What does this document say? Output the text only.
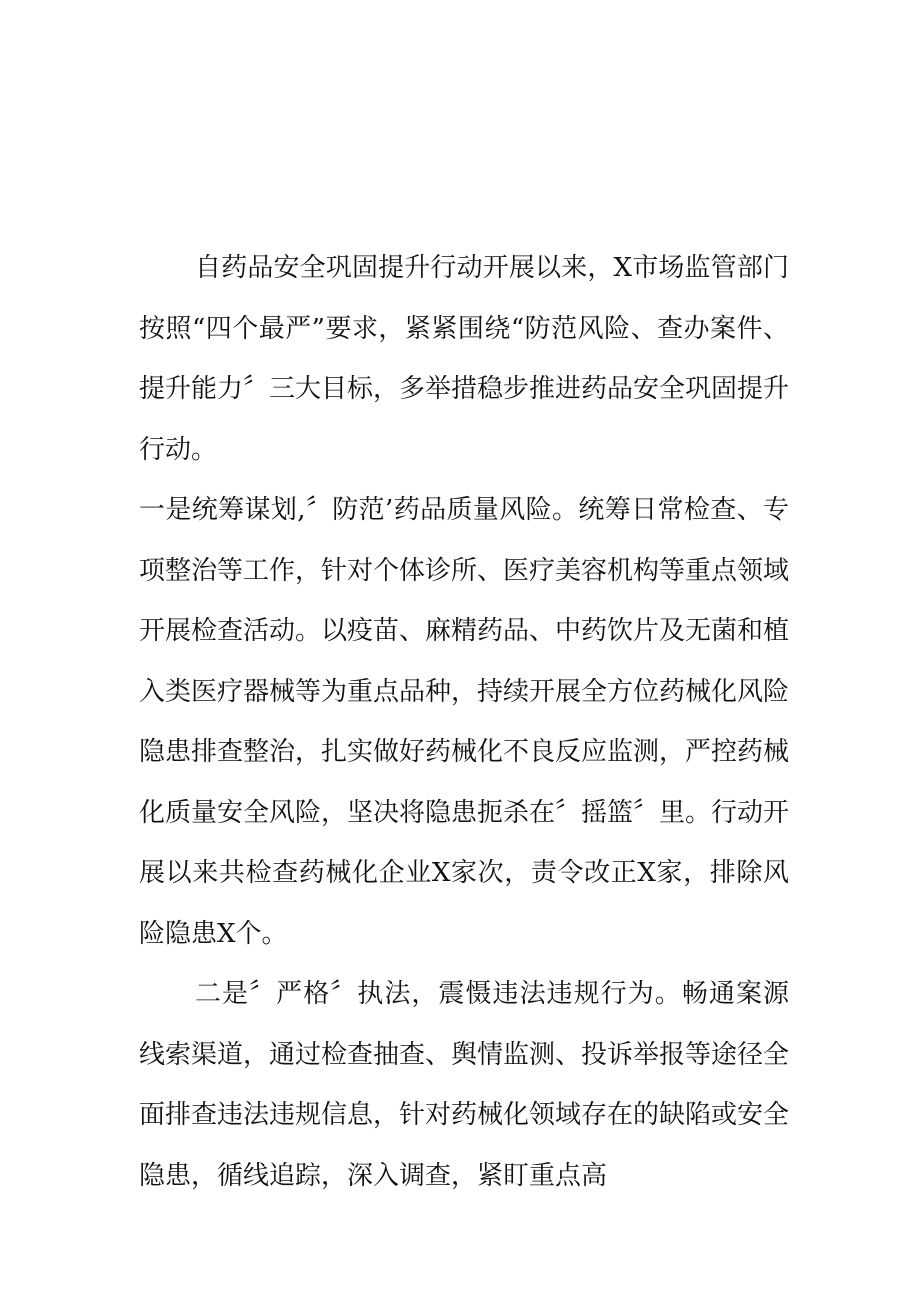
自药品安全巩固提升行动开展以来，X市场监管部门按照“四个最严”要求，紧紧围绕“防范风险、查办案件、提升能力〞三大目标，多举措稳步推进药品安全巩固提升行动。

一是统筹谋划,〞防范’药品质量风险。统筹日常检查、专项整治等工作，针对个体诊所、医疗美容机构等重点领域开展检查活动。以疫苗、麻精药品、中药饮片及无菌和植入类医疗器械等为重点品种，持续开展全方位药械化风险隐患排查整治，扎实做好药械化不良反应监测，严控药械化质量安全风险，坚决将隐患扼杀在〞摇篮〞里。行动开展以来共检查药械化企业X家次，责令改正X家，排除风险隐患X个。

二是〞严格〞执法，震慑违法违规行为。畅通案源线索渠道，通过检查抽查、舆情监测、投诉举报等途径全面排查违法违规信息，针对药械化领域存在的缺陷或安全隐患，循线追踪，深入调查，紧盯重点高
